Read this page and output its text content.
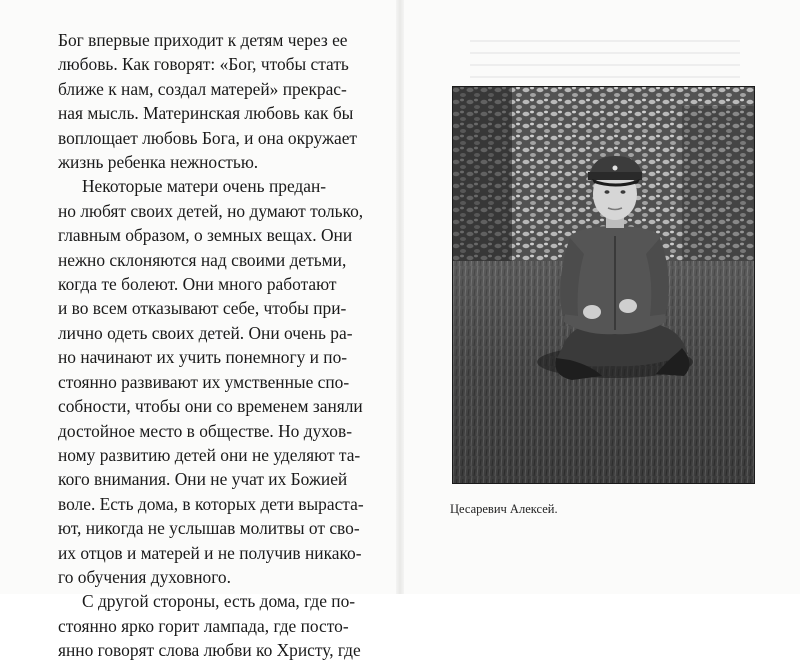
Бог впервые приходит к детям через ее
любовь. Как говорят: «Бог, чтобы стать
ближе к нам, создал матерей» прекрас-
ная мысль. Материнская любовь как бы
воплощает любовь Бога, и она окружает
жизнь ребенка нежностью.

Некоторые матери очень предан-
но любят своих детей, но думают только,
главным образом, о земных вещах. Они
нежно склоняются над своими детьми,
когда те болеют. Они много работают
и во всем отказывают себе, чтобы при-
лично одеть своих детей. Они очень ра-
но начинают их учить понемногу и по-
стоянно развивают их умственные спо-
собности, чтобы они со временем заняли
достойное место в обществе. Но духов-
ному развитию детей они не уделяют та-
кого внимания. Они не учат их Божией
воле. Есть дома, в которых дети выраста-
ют, никогда не услышав молитвы от сво-
их отцов и матерей и не получив никако-
го обучения духовного.

С другой стороны, есть дома, где по-
стоянно ярко горит лампада, где посто-
янно говорят слова любви ко Христу, где

Цесаревич Алексей.
